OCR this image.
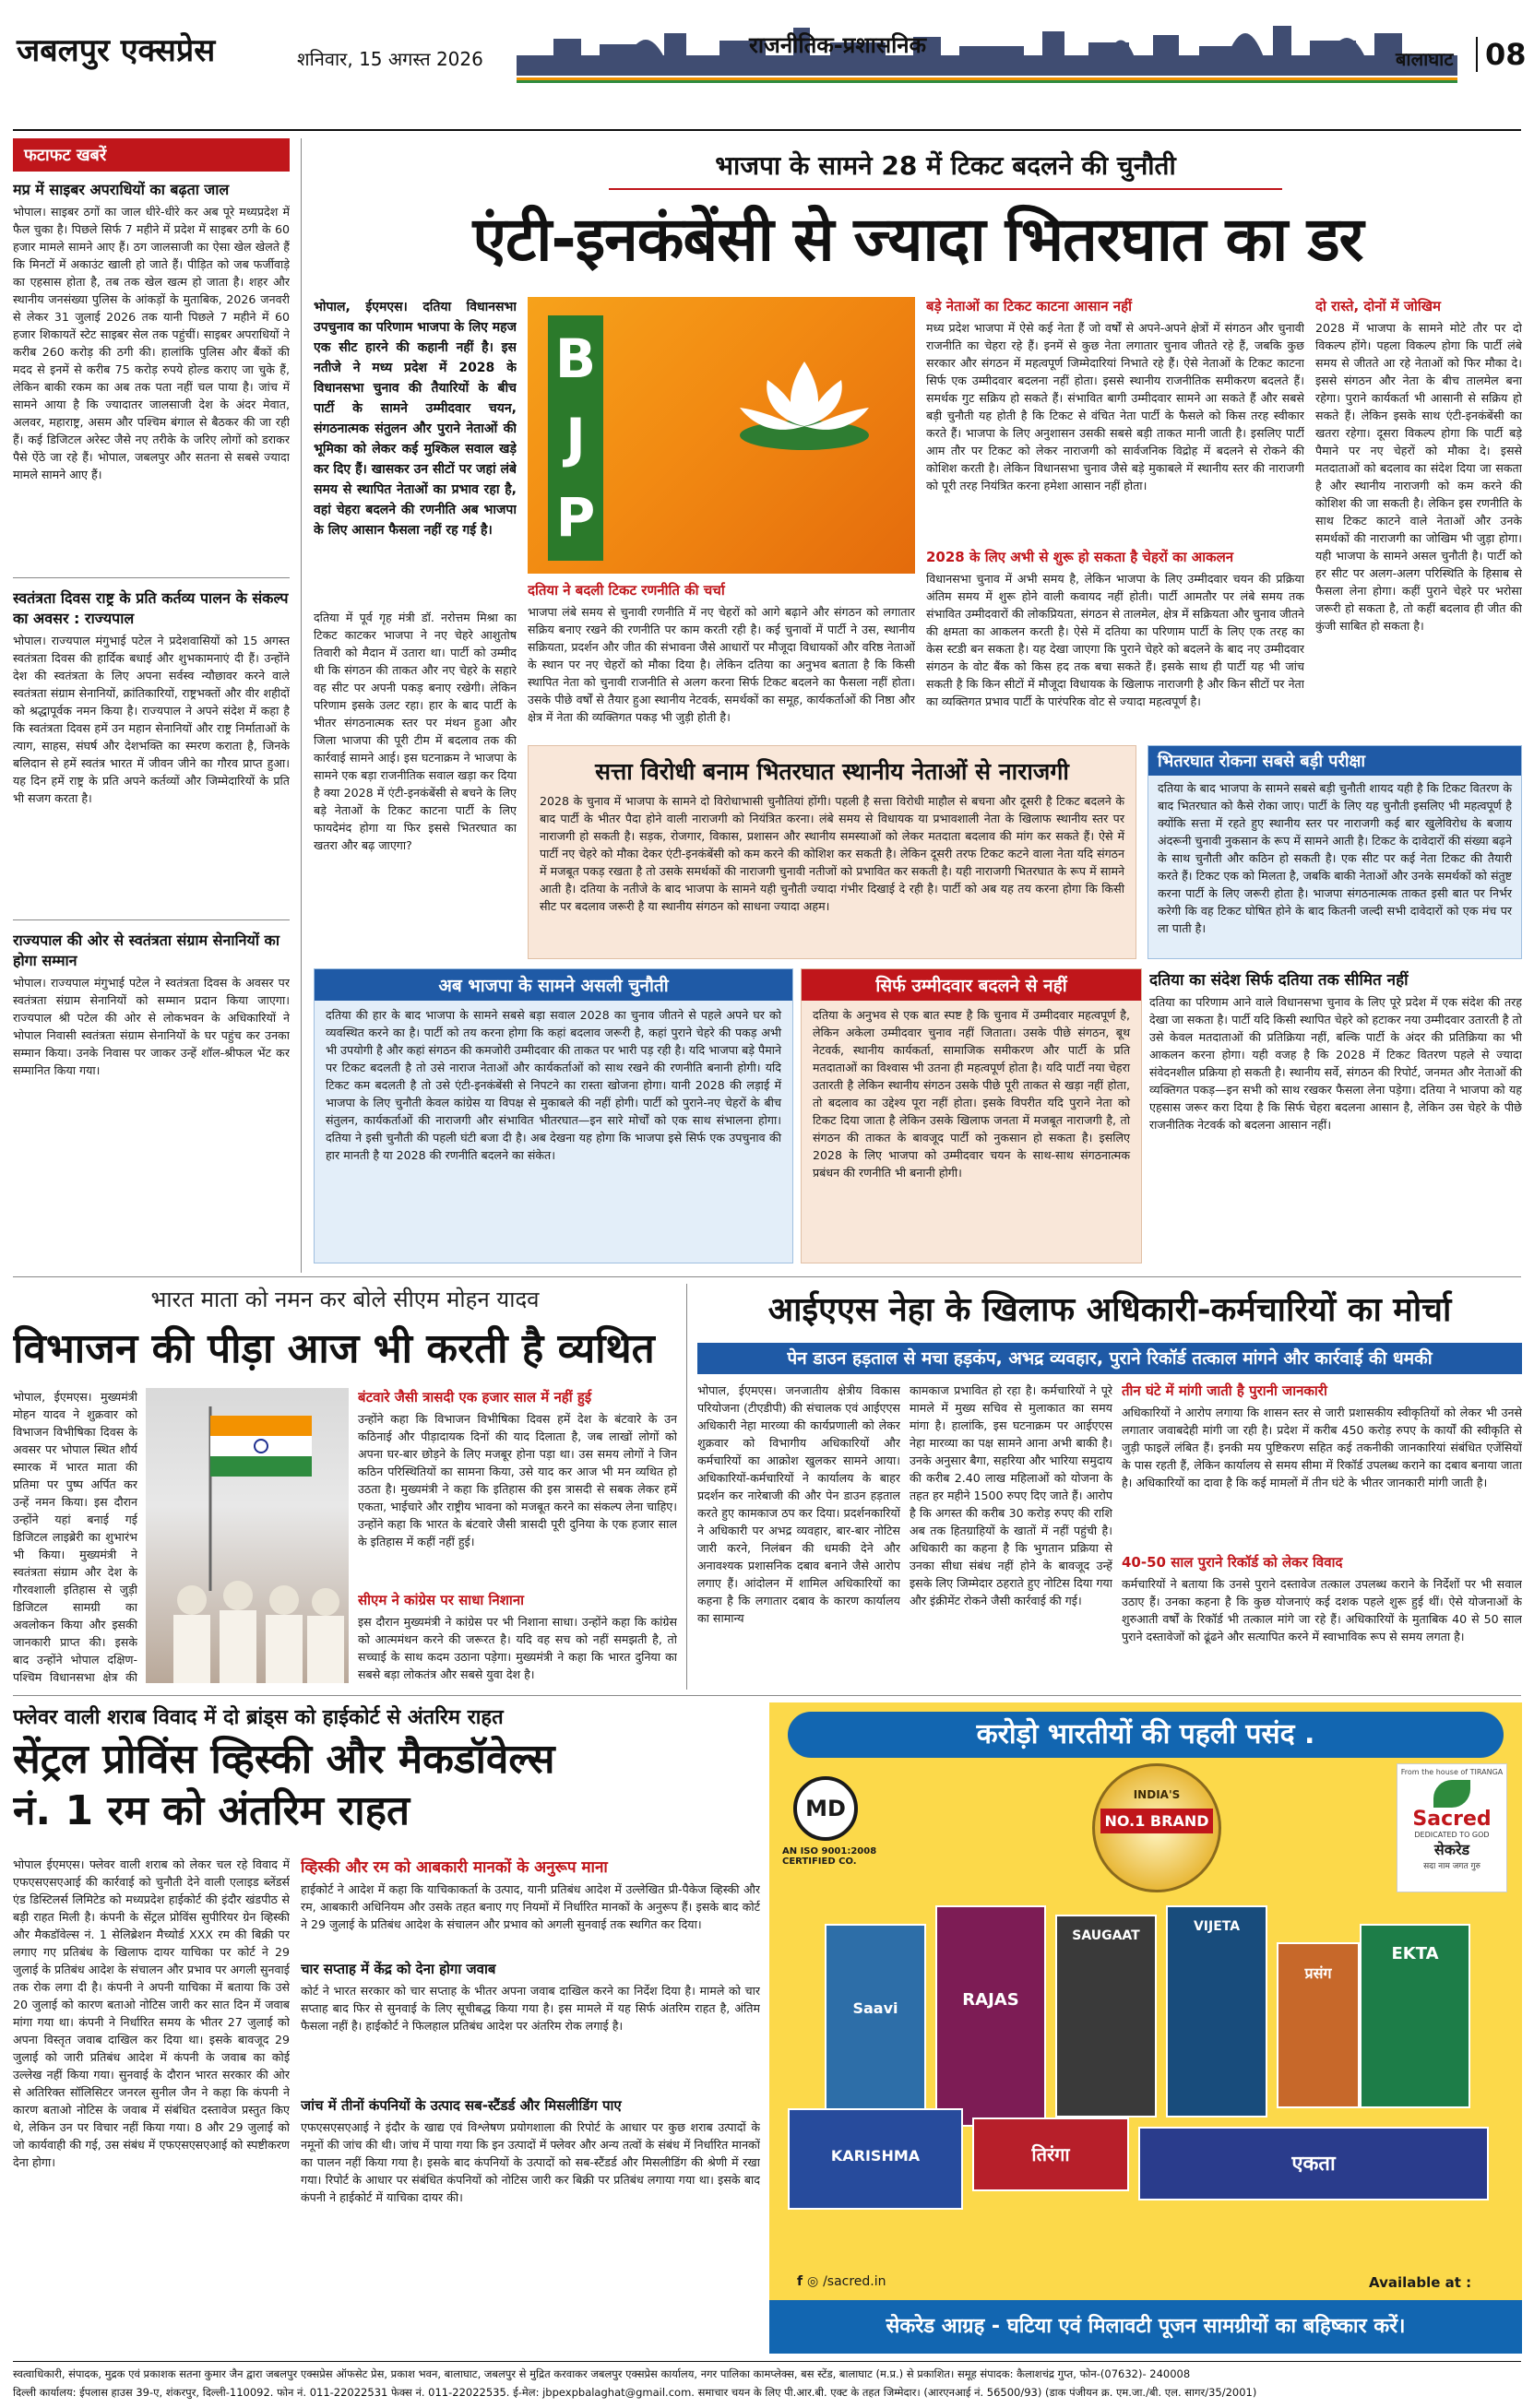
जबलपुर एक्सप्रेस	शनिवार, 15 अगस्त 2026
राजनीतिक-प्रशासनिक
बालाघाट	08
फटाफट खबरें
मप्र में साइबर अपराधियों का बढ़ता जाल
भोपाल। साइबर ठगों का जाल धीरे-धीरे कर अब पूरे मध्यप्रदेश में फैल चुका है। पिछले सिर्फ 7 महीने में प्रदेश में साइबर ठगी के 60 हजार मामले सामने आए हैं। ठग जालसाजी का ऐसा खेल खेलते हैं कि मिनटों में अकाउंट खाली हो जाते हैं। पीड़ित को जब फर्जीवाड़े का एहसास होता है, तब तक खेल खत्म हो जाता है। शहर और स्थानीय जनसंख्या पुलिस के आंकड़ों के मुताबिक, 2026 जनवरी से लेकर 31 जुलाई 2026 तक यानी पिछले 7 महीने में 60 हजार शिकायतें स्टेट साइबर सेल तक पहुंचीं। साइबर अपराधियों ने करीब 260 करोड़ की ठगी की। हालांकि पुलिस और बैंकों की मदद से इनमें से करीब 75 करोड़ रुपये होल्ड कराए जा चुके हैं, लेकिन बाकी रकम का अब तक पता नहीं चल पाया है। जांच में सामने आया है कि ज्यादातर जालसाजी देश के अंदर मेवात, अलवर, महाराष्ट्र, असम और पश्चिम बंगाल से बैठकर की जा रही हैं। कई डिजिटल अरेस्ट जैसे नए तरीके के जरिए लोगों को डराकर पैसे ऐंठे जा रहे हैं। भोपाल, जबलपुर और सतना से सबसे ज्यादा मामले सामने आए हैं।
स्वतंत्रता दिवस राष्ट्र के प्रति कर्तव्य पालन के संकल्प का अवसर : राज्यपाल
भोपाल। राज्यपाल मंगुभाई पटेल ने प्रदेशवासियों को 15 अगस्त स्वतंत्रता दिवस की हार्दिक बधाई और शुभकामनाएं दी हैं। उन्होंने देश की स्वतंत्रता के लिए अपना सर्वस्व न्यौछावर करने वाले स्वतंत्रता संग्राम सेनानियों, क्रांतिकारियों, राष्ट्रभक्तों और वीर शहीदों को श्रद्धापूर्वक नमन किया है। राज्यपाल ने अपने संदेश में कहा है कि स्वतंत्रता दिवस हमें उन महान सेनानियों और राष्ट्र निर्माताओं के त्याग, साहस, संघर्ष और देशभक्ति का स्मरण कराता है, जिनके बलिदान से हमें स्वतंत्र भारत में जीवन जीने का गौरव प्राप्त हुआ। यह दिन हमें राष्ट्र के प्रति अपने कर्तव्यों और जिम्मेदारियों के प्रति भी सजग करता है।
राज्यपाल की ओर से स्वतंत्रता संग्राम सेनानियों का होगा सम्मान
भोपाल। राज्यपाल मंगुभाई पटेल ने स्वतंत्रता दिवस के अवसर पर स्वतंत्रता संग्राम सेनानियों को सम्मान प्रदान किया जाएगा। राज्यपाल श्री पटेल की ओर से लोकभवन के अधिकारियों ने भोपाल निवासी स्वतंत्रता संग्राम सेनानियों के घर पहुंच कर उनका सम्मान किया। उनके निवास पर जाकर उन्हें शॉल-श्रीफल भेंट कर सम्मानित किया गया।
भाजपा के सामने 28 में टिकट बदलने की चुनौती
एंटी-इनकंबेंसी से ज्यादा भितरघात का डर
भोपाल, ईएमएस। दतिया विधानसभा उपचुनाव का परिणाम भाजपा के लिए महज एक सीट हारने की कहानी नहीं है। इस नतीजे ने मध्य प्रदेश में 2028 के विधानसभा चुनाव की तैयारियों के बीच पार्टी के सामने उम्मीदवार चयन, संगठनात्मक संतुलन और पुराने नेताओं की भूमिका को लेकर कई मुश्किल सवाल खड़े कर दिए हैं। खासकर उन सीटों पर जहां लंबे समय से स्थापित नेताओं का प्रभाव रहा है, वहां चेहरा बदलने की रणनीति अब भाजपा के लिए आसान फैसला नहीं रह गई है।
BJP
दतिया में पूर्व गृह मंत्री डॉ. नरोत्तम मिश्रा का टिकट काटकर भाजपा ने नए चेहरे आशुतोष तिवारी को मैदान में उतारा था। पार्टी को उम्मीद थी कि संगठन की ताकत और नए चेहरे के सहारे वह सीट पर अपनी पकड़ बनाए रखेगी। लेकिन परिणाम इसके उलट रहा। हार के बाद पार्टी के भीतर संगठनात्मक स्तर पर मंथन हुआ और जिला भाजपा की पूरी टीम में बदलाव तक की कार्रवाई सामने आई। इस घटनाक्रम ने भाजपा के सामने एक बड़ा राजनीतिक सवाल खड़ा कर दिया है क्या 2028 में एंटी-इनकंबेंसी से बचने के लिए बड़े नेताओं के टिकट काटना पार्टी के लिए फायदेमंद होगा या फिर इससे भितरघात का खतरा और बढ़ जाएगा?
दतिया ने बदली टिकट रणनीति की चर्चा
भाजपा लंबे समय से चुनावी रणनीति में नए चेहरों को आगे बढ़ाने और संगठन को लगातार सक्रिय बनाए रखने की रणनीति पर काम करती रही है। कई चुनावों में पार्टी ने उस, स्थानीय सक्रियता, प्रदर्शन और जीत की संभावना जैसे आधारों पर मौजूदा विधायकों और वरिष्ठ नेताओं के स्थान पर नए चेहरों को मौका दिया है। लेकिन दतिया का अनुभव बताता है कि किसी स्थापित नेता को चुनावी राजनीति से अलग करना सिर्फ टिकट बदलने का फैसला नहीं होता। उसके पीछे वर्षों से तैयार हुआ स्थानीय नेटवर्क, समर्थकों का समूह, कार्यकर्ताओं की निष्ठा और क्षेत्र में नेता की व्यक्तिगत पकड़ भी जुड़ी होती है।
बड़े नेताओं का टिकट काटना आसान नहीं
मध्य प्रदेश भाजपा में ऐसे कई नेता हैं जो वर्षों से अपने-अपने क्षेत्रों में संगठन और चुनावी राजनीति का चेहरा रहे हैं। इनमें से कुछ नेता लगातार चुनाव जीतते रहे हैं, जबकि कुछ सरकार और संगठन में महत्वपूर्ण जिम्मेदारियां निभाते रहे हैं। ऐसे नेताओं के टिकट काटना सिर्फ एक उम्मीदवार बदलना नहीं होता। इससे स्थानीय राजनीतिक समीकरण बदलते हैं। समर्थक गुट सक्रिय हो सकते हैं। संभावित बागी उम्मीदवार सामने आ सकते हैं और सबसे बड़ी चुनौती यह होती है कि टिकट से वंचित नेता पार्टी के फैसले को किस तरह स्वीकार करते हैं। भाजपा के लिए अनुशासन उसकी सबसे बड़ी ताकत मानी जाती है। इसलिए पार्टी आम तौर पर टिकट को लेकर नाराजगी को सार्वजनिक विद्रोह में बदलने से रोकने की कोशिश करती है। लेकिन विधानसभा चुनाव जैसे बड़े मुकाबले में स्थानीय स्तर की नाराजगी को पूरी तरह नियंत्रित करना हमेशा आसान नहीं होता।
2028 के लिए अभी से शुरू हो सकता है चेहरों का आकलन
विधानसभा चुनाव में अभी समय है, लेकिन भाजपा के लिए उम्मीदवार चयन की प्रक्रिया अंतिम समय में शुरू होने वाली कवायद नहीं होती। पार्टी आमतौर पर लंबे समय तक संभावित उम्मीदवारों की लोकप्रियता, संगठन से तालमेल, क्षेत्र में सक्रियता और चुनाव जीतने की क्षमता का आकलन करती है। ऐसे में दतिया का परिणाम पार्टी के लिए एक तरह का केस स्टडी बन सकता है। यह देखा जाएगा कि पुराने चेहरे को बदलने के बाद नए उम्मीदवार संगठन के वोट बैंक को किस हद तक बचा सकते हैं। इसके साथ ही पार्टी यह भी जांच सकती है कि किन सीटों में मौजूदा विधायक के खिलाफ नाराजगी है और किन सीटों पर नेता का व्यक्तिगत प्रभाव पार्टी के पारंपरिक वोट से ज्यादा महत्वपूर्ण है।
दो रास्ते, दोनों में जोखिम
2028 में भाजपा के सामने मोटे तौर पर दो विकल्प होंगे। पहला विकल्प होगा कि पार्टी लंबे समय से जीतते आ रहे नेताओं को फिर मौका दे। इससे संगठन और नेता के बीच तालमेल बना रहेगा। पुराने कार्यकर्ता भी आसानी से सक्रिय हो सकते हैं। लेकिन इसके साथ एंटी-इनकंबेंसी का खतरा रहेगा। दूसरा विकल्प होगा कि पार्टी बड़े पैमाने पर नए चेहरों को मौका दे। इससे मतदाताओं को बदलाव का संदेश दिया जा सकता है और स्थानीय नाराजगी को कम करने की कोशिश की जा सकती है। लेकिन इस रणनीति के साथ टिकट काटने वाले नेताओं और उनके समर्थकों की नाराजगी का जोखिम भी जुड़ा होगा। यही भाजपा के सामने असल चुनौती है। पार्टी को हर सीट पर अलग-अलग परिस्थिति के हिसाब से फैसला लेना होगा। कहीं पुराने चेहरे पर भरोसा जरूरी हो सकता है, तो कहीं बदलाव ही जीत की कुंजी साबित हो सकता है।
सत्ता विरोधी बनाम भितरघात स्थानीय नेताओं से नाराजगी
2028 के चुनाव में भाजपा के सामने दो विरोधाभासी चुनौतियां होंगी। पहली है सत्ता विरोधी माहौल से बचना और दूसरी है टिकट बदलने के बाद पार्टी के भीतर पैदा होने वाली नाराजगी को नियंत्रित करना। लंबे समय से विधायक या प्रभावशाली नेता के खिलाफ स्थानीय स्तर पर नाराजगी हो सकती है। सड़क, रोजगार, विकास, प्रशासन और स्थानीय समस्याओं को लेकर मतदाता बदलाव की मांग कर सकते हैं। ऐसे में पार्टी नए चेहरे को मौका देकर एंटी-इनकंबेंसी को कम करने की कोशिश कर सकती है। लेकिन दूसरी तरफ टिकट कटने वाला नेता यदि संगठन में मजबूत पकड़ रखता है तो उसके समर्थकों की नाराजगी चुनावी नतीजों को प्रभावित कर सकती है। यही नाराजगी भितरघात के रूप में सामने आती है। दतिया के नतीजे के बाद भाजपा के सामने यही चुनौती ज्यादा गंभीर दिखाई दे रही है। पार्टी को अब यह तय करना होगा कि किसी सीट पर बदलाव जरूरी है या स्थानीय संगठन को साधना ज्यादा अहम।
भितरघात रोकना सबसे बड़ी परीक्षा
दतिया के बाद भाजपा के सामने सबसे बड़ी चुनौती शायद यही है कि टिकट वितरण के बाद भितरघात को कैसे रोका जाए। पार्टी के लिए यह चुनौती इसलिए भी महत्वपूर्ण है क्योंकि सत्ता में रहते हुए स्थानीय स्तर पर नाराजगी कई बार खुलेविरोध के बजाय अंदरूनी चुनावी नुकसान के रूप में सामने आती है। टिकट के दावेदारों की संख्या बढ़ने के साथ चुनौती और कठिन हो सकती है। एक सीट पर कई नेता टिकट की तैयारी करते हैं। टिकट एक को मिलता है, जबकि बाकी नेताओं और उनके समर्थकों को संतुष्ट करना पार्टी के लिए जरूरी होता है। भाजपा संगठनात्मक ताकत इसी बात पर निर्भर करेगी कि वह टिकट घोषित होने के बाद कितनी जल्दी सभी दावेदारों को एक मंच पर ला पाती है।
अब भाजपा के सामने असली चुनौती
दतिया की हार के बाद भाजपा के सामने सबसे बड़ा सवाल 2028 का चुनाव जीतने से पहले अपने घर को व्यवस्थित करने का है। पार्टी को तय करना होगा कि कहां बदलाव जरूरी है, कहां पुराने चेहरे की पकड़ अभी भी उपयोगी है और कहां संगठन की कमजोरी उम्मीदवार की ताकत पर भारी पड़ रही है। यदि भाजपा बड़े पैमाने पर टिकट बदलती है तो उसे नाराज नेताओं और कार्यकर्ताओं को साथ रखने की रणनीति बनानी होगी। यदि टिकट कम बदलती है तो उसे एंटी-इनकंबेंसी से निपटने का रास्ता खोजना होगा। यानी 2028 की लड़ाई में भाजपा के लिए चुनौती केवल कांग्रेस या विपक्ष से मुकाबले की नहीं होगी। पार्टी को पुराने-नए चेहरों के बीच संतुलन, कार्यकर्ताओं की नाराजगी और संभावित भीतरघात—इन सारे मोर्चों को एक साथ संभालना होगा। दतिया ने इसी चुनौती की पहली घंटी बजा दी है। अब देखना यह होगा कि भाजपा इसे सिर्फ एक उपचुनाव की हार मानती है या 2028 की रणनीति बदलने का संकेत।
सिर्फ उम्मीदवार बदलने से नहीं
दतिया के अनुभव से एक बात स्पष्ट है कि चुनाव में उम्मीदवार महत्वपूर्ण है, लेकिन अकेला उम्मीदवार चुनाव नहीं जिताता। उसके पीछे संगठन, बूथ नेटवर्क, स्थानीय कार्यकर्ता, सामाजिक समीकरण और पार्टी के प्रति मतदाताओं का विश्वास भी उतना ही महत्वपूर्ण होता है। यदि पार्टी नया चेहरा उतारती है लेकिन स्थानीय संगठन उसके पीछे पूरी ताकत से खड़ा नहीं होता, तो बदलाव का उद्देश्य पूरा नहीं होता। इसके विपरीत यदि पुराने नेता को टिकट दिया जाता है लेकिन उसके खिलाफ जनता में मजबूत नाराजगी है, तो संगठन की ताकत के बावजूद पार्टी को नुकसान हो सकता है। इसलिए 2028 के लिए भाजपा को उम्मीदवार चयन के साथ-साथ संगठनात्मक प्रबंधन की रणनीति भी बनानी होगी।
दतिया का संदेश सिर्फ दतिया तक सीमित नहीं
दतिया का परिणाम आने वाले विधानसभा चुनाव के लिए पूरे प्रदेश में एक संदेश की तरह देखा जा सकता है। पार्टी यदि किसी स्थापित चेहरे को हटाकर नया उम्मीदवार उतारती है तो उसे केवल मतदाताओं की प्रतिक्रिया नहीं, बल्कि पार्टी के अंदर की प्रतिक्रिया का भी आकलन करना होगा। यही वजह है कि 2028 में टिकट वितरण पहले से ज्यादा संवेदनशील प्रक्रिया हो सकती है। स्थानीय सर्वे, संगठन की रिपोर्ट, जनमत और नेताओं की व्यक्तिगत पकड़—इन सभी को साथ रखकर फैसला लेना पड़ेगा। दतिया ने भाजपा को यह एहसास जरूर करा दिया है कि सिर्फ चेहरा बदलना आसान है, लेकिन उस चेहरे के पीछे राजनीतिक नेटवर्क को बदलना आसान नहीं।
भारत माता को नमन कर बोले सीएम मोहन यादव
विभाजन की पीड़ा आज भी करती है व्यथित
भोपाल, ईएमएस। मुख्यमंत्री मोहन यादव ने शुक्रवार को विभाजन विभीषिका दिवस के अवसर पर भोपाल स्थित शौर्य स्मारक में भारत माता की प्रतिमा पर पुष्प अर्पित कर उन्हें नमन किया। इस दौरान उन्होंने यहां बनाई गई डिजिटल लाइब्रेरी का शुभारंभ भी किया। मुख्यमंत्री ने स्वतंत्रता संग्राम और देश के गौरवशाली इतिहास से जुड़ी डिजिटल सामग्री का अवलोकन किया और इसकी जानकारी प्राप्त की। इसके बाद उन्होंने भोपाल दक्षिण-पश्चिम विधानसभा क्षेत्र की
बंटवारे जैसी त्रासदी एक हजार साल में नहीं हुई
उन्होंने कहा कि विभाजन विभीषिका दिवस हमें देश के बंटवारे के उन कठिनाई और पीड़ादायक दिनों की याद दिलाता है, जब लाखों लोगों को अपना घर-बार छोड़ने के लिए मजबूर होना पड़ा था। उस समय लोगों ने जिन कठिन परिस्थितियों का सामना किया, उसे याद कर आज भी मन व्यथित हो उठता है। मुख्यमंत्री ने कहा कि इतिहास की इस त्रासदी से सबक लेकर हमें एकता, भाईचारे और राष्ट्रीय भावना को मजबूत करने का संकल्प लेना चाहिए। उन्होंने कहा कि भारत के बंटवारे जैसी त्रासदी पूरी दुनिया के एक हजार साल के इतिहास में कहीं नहीं हुई।
सीएम ने कांग्रेस पर साधा निशाना
इस दौरान मुख्यमंत्री ने कांग्रेस पर भी निशाना साधा। उन्होंने कहा कि कांग्रेस को आत्ममंथन करने की जरूरत है। यदि वह सच को नहीं समझती है, तो सच्चाई के साथ कदम उठाना पड़ेगा। मुख्यमंत्री ने कहा कि भारत दुनिया का सबसे बड़ा लोकतंत्र और सबसे युवा देश है।
आईएएस नेहा के खिलाफ अधिकारी-कर्मचारियों का मोर्चा
पेन डाउन हड़ताल से मचा हड़कंप, अभद्र व्यवहार, पुराने रिकॉर्ड तत्काल मांगने और कार्रवाई की धमकी
भोपाल, ईएमएस। जनजातीय क्षेत्रीय विकास परियोजना (टीएडीपी) की संचालक एवं आईएएस अधिकारी नेहा मारव्या की कार्यप्रणाली को लेकर शुक्रवार को विभागीय अधिकारियों और कर्मचारियों का आक्रोश खुलकर सामने आया। अधिकारियों-कर्मचारियों ने कार्यालय के बाहर प्रदर्शन कर नारेबाजी की और पेन डाउन हड़ताल करते हुए कामकाज ठप कर दिया। प्रदर्शनकारियों ने अधिकारी पर अभद्र व्यवहार, बार-बार नोटिस जारी करने, निलंबन की धमकी देने और अनावश्यक प्रशासनिक दबाव बनाने जैसे आरोप लगाए हैं। आंदोलन में शामिल अधिकारियों का कहना है कि लगातार दबाव के कारण कार्यालय का सामान्य
कामकाज प्रभावित हो रहा है। कर्मचारियों ने पूरे मामले में मुख्य सचिव से मुलाकात का समय मांगा है। हालांकि, इस घटनाक्रम पर आईएएस नेहा मारव्या का पक्ष सामने आना अभी बाकी है। उनके अनुसार बैगा, सहरिया और भारिया समुदाय की करीब 2.40 लाख महिलाओं को योजना के तहत हर महीने 1500 रुपए दिए जाते हैं। आरोप है कि अगस्त की करीब 30 करोड़ रुपए की राशि अब तक हितग्राहियों के खातों में नहीं पहुंची है। अधिकारी का कहना है कि भुगतान प्रक्रिया से उनका सीधा संबंध नहीं होने के बावजूद उन्हें इसके लिए जिम्मेदार ठहराते हुए नोटिस दिया गया और इंक्रीमेंट रोकने जैसी कार्रवाई की गई।
तीन घंटे में मांगी जाती है पुरानी जानकारी
अधिकारियों ने आरोप लगाया कि शासन स्तर से जारी प्रशासकीय स्वीकृतियों को लेकर भी उनसे लगातार जवाबदेही मांगी जा रही है। प्रदेश में करीब 450 करोड़ रुपए के कार्यों की स्वीकृति से जुड़ी फाइलें लंबित हैं। इनकी मय पुष्टिकरण सहित कई तकनीकी जानकारियां संबंधित एजेंसियों के पास रहती हैं, लेकिन कार्यालय से समय सीमा में रिकॉर्ड उपलब्ध कराने का दबाव बनाया जाता है। अधिकारियों का दावा है कि कई मामलों में तीन घंटे के भीतर जानकारी मांगी जाती है।
40-50 साल पुराने रिकॉर्ड को लेकर विवाद
कर्मचारियों ने बताया कि उनसे पुराने दस्तावेज तत्काल उपलब्ध कराने के निर्देशों पर भी सवाल उठाए हैं। उनका कहना है कि कुछ योजनाएं कई दशक पहले शुरू हुई थीं। ऐसे योजनाओं के शुरुआती वर्षों के रिकॉर्ड भी तत्काल मांगे जा रहे हैं। अधिकारियों के मुताबिक 40 से 50 साल पुराने दस्तावेजों को ढूंढने और सत्यापित करने में स्वाभाविक रूप से समय लगता है।
फ्लेवर वाली शराब विवाद में दो ब्रांड्स को हाईकोर्ट से अंतरिम राहत
सेंट्रल प्रोविंस व्हिस्की और मैकडॉवेल्स
नं. 1 रम को अंतरिम राहत
भोपाल ईएमएस। फ्लेवर वाली शराब को लेकर चल रहे विवाद में एफएसएसएआई की कार्रवाई को चुनौती देने वाली एलाइड ब्लेंडर्स एंड डिस्टिलर्स लिमिटेड को मध्यप्रदेश हाईकोर्ट की इंदौर खंडपीठ से बड़ी राहत मिली है। कंपनी के सेंट्रल प्रोविंस सुपीरियर ग्रेन व्हिस्की और मैकडॉवेल्स नं. 1 सेलिब्रेशन मैच्योर्ड XXX रम की बिक्री पर लगाए गए प्रतिबंध के खिलाफ दायर याचिका पर कोर्ट ने 29 जुलाई के प्रतिबंध आदेश के संचालन और प्रभाव पर अगली सुनवाई तक रोक लगा दी है। कंपनी ने अपनी याचिका में बताया कि उसे 20 जुलाई को कारण बताओ नोटिस जारी कर सात दिन में जवाब मांगा गया था। कंपनी ने निर्धारित समय के भीतर 27 जुलाई को अपना विस्तृत जवाब दाखिल कर दिया था। इसके बावजूद 29 जुलाई को जारी प्रतिबंध आदेश में कंपनी के जवाब का कोई उल्लेख नहीं किया गया। सुनवाई के दौरान भारत सरकार की ओर से अतिरिक्त सॉलिसिटर जनरल सुनील जैन ने कहा कि कंपनी ने कारण बताओ नोटिस के जवाब में संबंधित दस्तावेज प्रस्तुत किए थे, लेकिन उन पर विचार नहीं किया गया। 8 और 29 जुलाई को जो कार्यवाही की गई, उस संबंध में एफएसएसएआई को स्पष्टीकरण देना होगा।
व्हिस्की और रम को आबकारी मानकों के अनुरूप माना
हाईकोर्ट ने आदेश में कहा कि याचिकाकर्ता के उत्पाद, यानी प्रतिबंध आदेश में उल्लेखित प्री-पैकेज व्हिस्की और रम, आबकारी अधिनियम और उसके तहत बनाए गए नियमों में निर्धारित मानकों के अनुरूप हैं। इसके बाद कोर्ट ने 29 जुलाई के प्रतिबंध आदेश के संचालन और प्रभाव को अगली सुनवाई तक स्थगित कर दिया।
चार सप्ताह में केंद्र को देना होगा जवाब
कोर्ट ने भारत सरकार को चार सप्ताह के भीतर अपना जवाब दाखिल करने का निर्देश दिया है। मामले को चार सप्ताह बाद फिर से सुनवाई के लिए सूचीबद्ध किया गया है। इस मामले में यह सिर्फ अंतरिम राहत है, अंतिम फैसला नहीं है। हाईकोर्ट ने फिलहाल प्रतिबंध आदेश पर अंतरिम रोक लगाई है।
जांच में तीनों कंपनियों के उत्पाद सब-स्टैंडर्ड और मिसलीडिंग पाए
एफएसएसएआई ने इंदौर के खाद्य एवं विश्लेषण प्रयोगशाला की रिपोर्ट के आधार पर कुछ शराब उत्पादों के नमूनों की जांच की थी। जांच में पाया गया कि इन उत्पादों में फ्लेवर और अन्य तत्वों के संबंध में निर्धारित मानकों का पालन नहीं किया गया है। इसके बाद कंपनियों के उत्पादों को सब-स्टैंडर्ड और मिसलीडिंग की श्रेणी में रखा गया। रिपोर्ट के आधार पर संबंधित कंपनियों को नोटिस जारी कर बिक्री पर प्रतिबंध लगाया गया था। इसके बाद कंपनी ने हाईकोर्ट में याचिका दायर की।
करोड़ो भारतीयों की पहली पसंद .
MD
AN ISO 9001:2008 CERTIFIED CO.
INDIA'S
NO.1 BRAND
From the house of TIRANGA
Sacred
DEDICATED TO GOD
सेकरेड
सदा नाम जगत गुरु
Saavi	RAJAS
SAUGAAT
VIJETA
EKTA
प्रसंग
तिरंगा
KARISHMA	एकता
f ◎ /sacred.in	Available at :
सेकरेड आग्रह - घटिया एवं मिलावटी पूजन सामग्रीयों का बहिष्कार करें।
स्वत्वाधिकारी, संपादक, मुद्रक एवं प्रकाशक सतना कुमार जैन द्वारा जबलपुर एक्सप्रेस ऑफसेट प्रेस, प्रकाश भवन, बालाघाट, जबलपुर से मुद्रित करवाकर जबलपुर एक्सप्रेस कार्यालय, नगर पालिका कामप्लेक्स, बस स्टेंड, बालाघाट (म.प्र.) से प्रकाशित। समूह संपादक: कैलाशचंद्र गुप्त, फोन-(07632)- 240008
दिल्ली कार्यालय: ईपलास हाउस 39-ए, शंकरपुर, दिल्ली-110092. फोन नं. 011-22022531 फेक्स नं. 011-22022535. ई-मेल: jbpexpbalaghat@gmail.com. समाचार चयन के लिए पी.आर.बी. एक्ट के तहत जिम्मेदार। (आरएनआई नं. 56500/93) (डाक पंजीयन क्र. एम.जा./बी. एल. सागर/35/2001)
